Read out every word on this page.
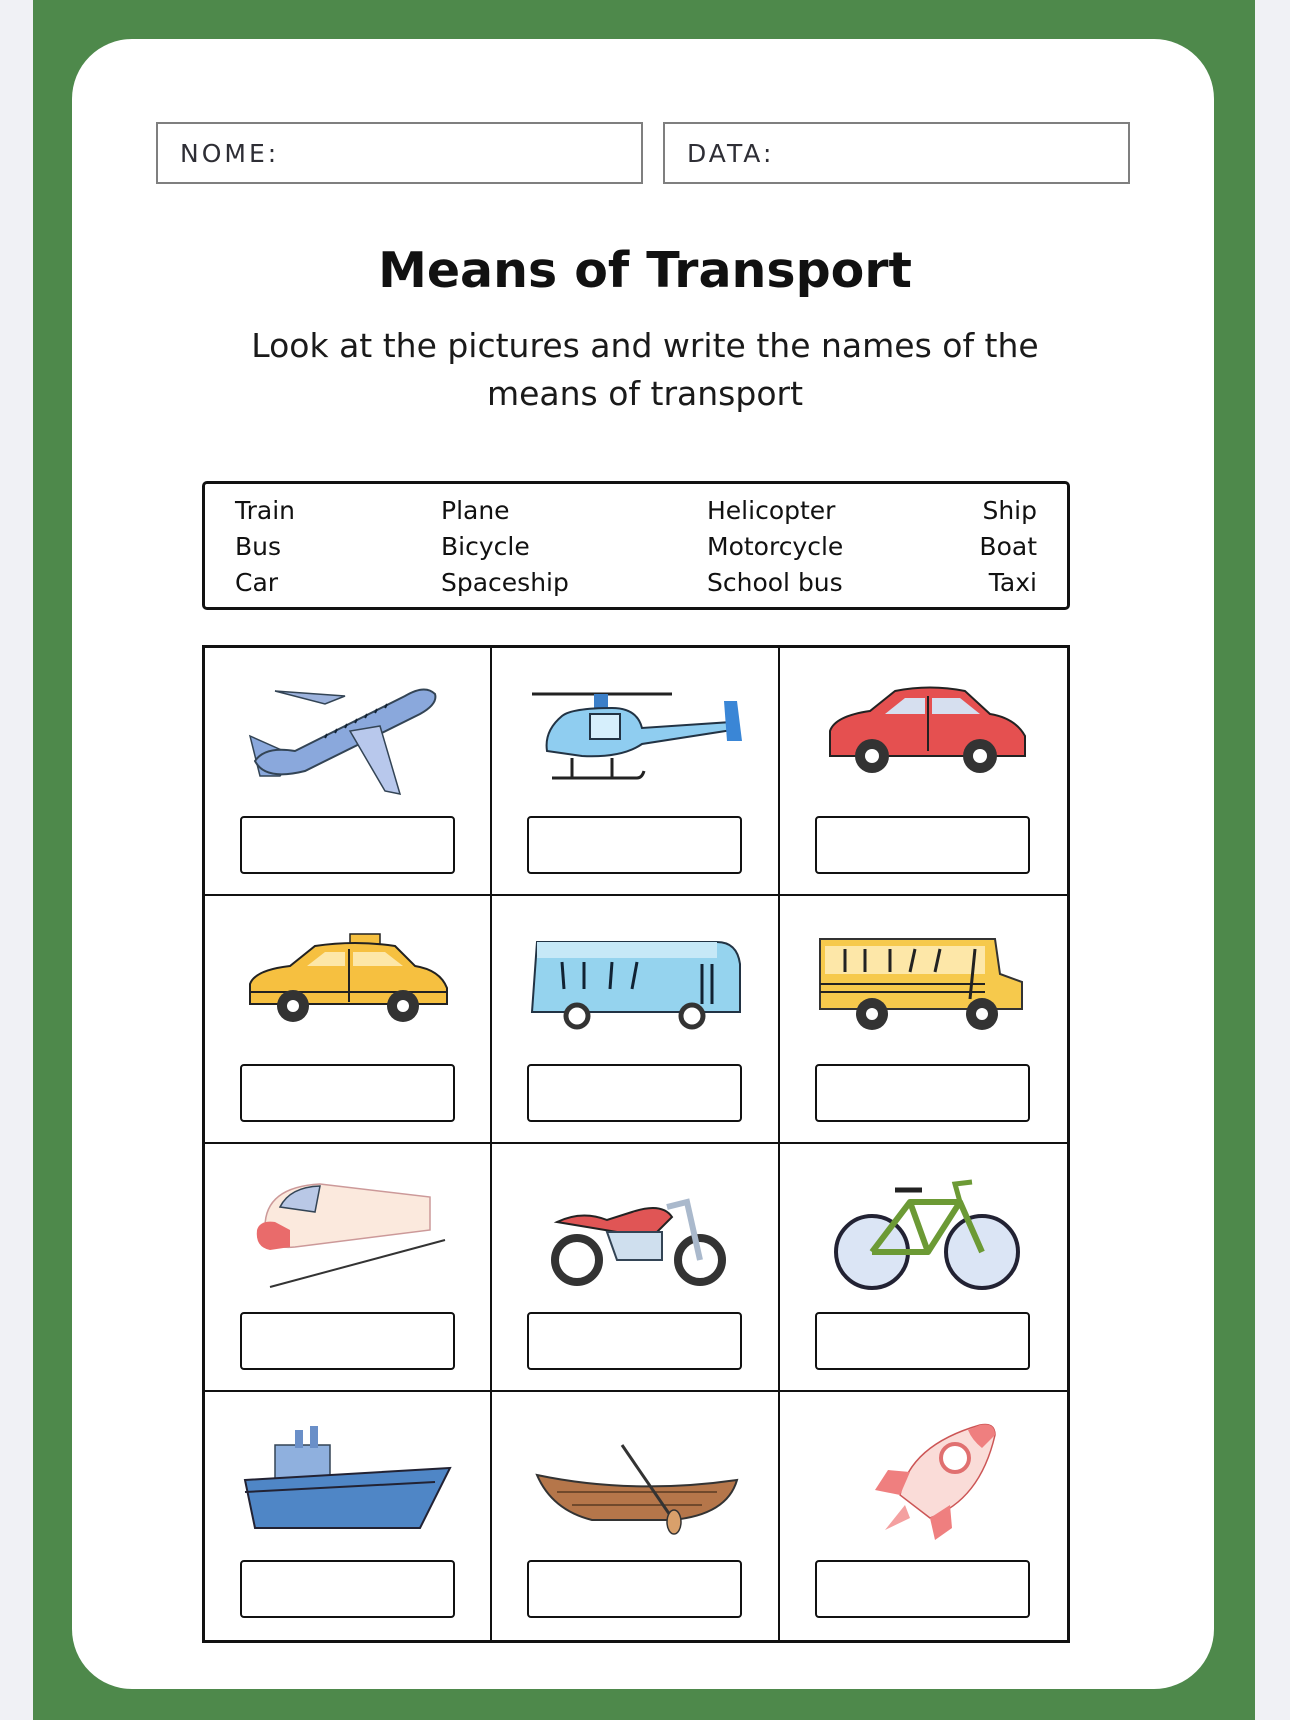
NOME:	DATA:
Means of Transport

Look at the pictures and write the names of the means of transport

Train
Bus
Car
Plane
Bicycle
Spaceship
Helicopter
Motorcycle
School bus
Ship
Boat
Taxi
